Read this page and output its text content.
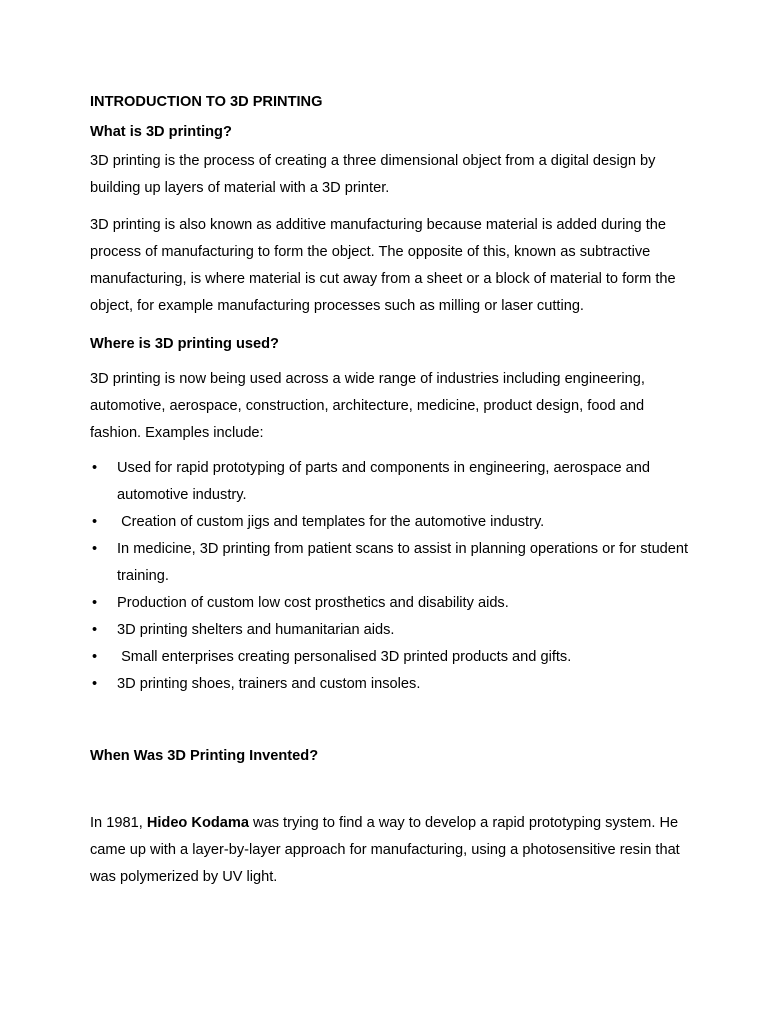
INTRODUCTION TO 3D PRINTING
What is 3D printing?

3D printing is the process of creating a three dimensional object from a digital design by building up layers of material with a 3D printer.

3D printing is also known as additive manufacturing because material is added during the process of manufacturing to form the object. The opposite of this, known as subtractive manufacturing, is where material is cut away from a sheet or a block of material to form the object, for example manufacturing processes such as milling or laser cutting.

Where is 3D printing used?

3D printing is now being used across a wide range of industries including engineering, automotive, aerospace, construction, architecture, medicine, product design, food and fashion. Examples include:

• Used for rapid prototyping of parts and components in engineering, aerospace and automotive industry.
• Creation of custom jigs and templates for the automotive industry.
• In medicine, 3D printing from patient scans to assist in planning operations or for student training.
• Production of custom low cost prosthetics and disability aids.
• 3D printing shelters and humanitarian aids.
• Small enterprises creating personalised 3D printed products and gifts.
• 3D printing shoes, trainers and custom insoles.
When Was 3D Printing Invented?

In 1981, Hideo Kodama was trying to find a way to develop a rapid prototyping system. He came up with a layer-by-layer approach for manufacturing, using a photosensitive resin that was polymerized by UV light.
